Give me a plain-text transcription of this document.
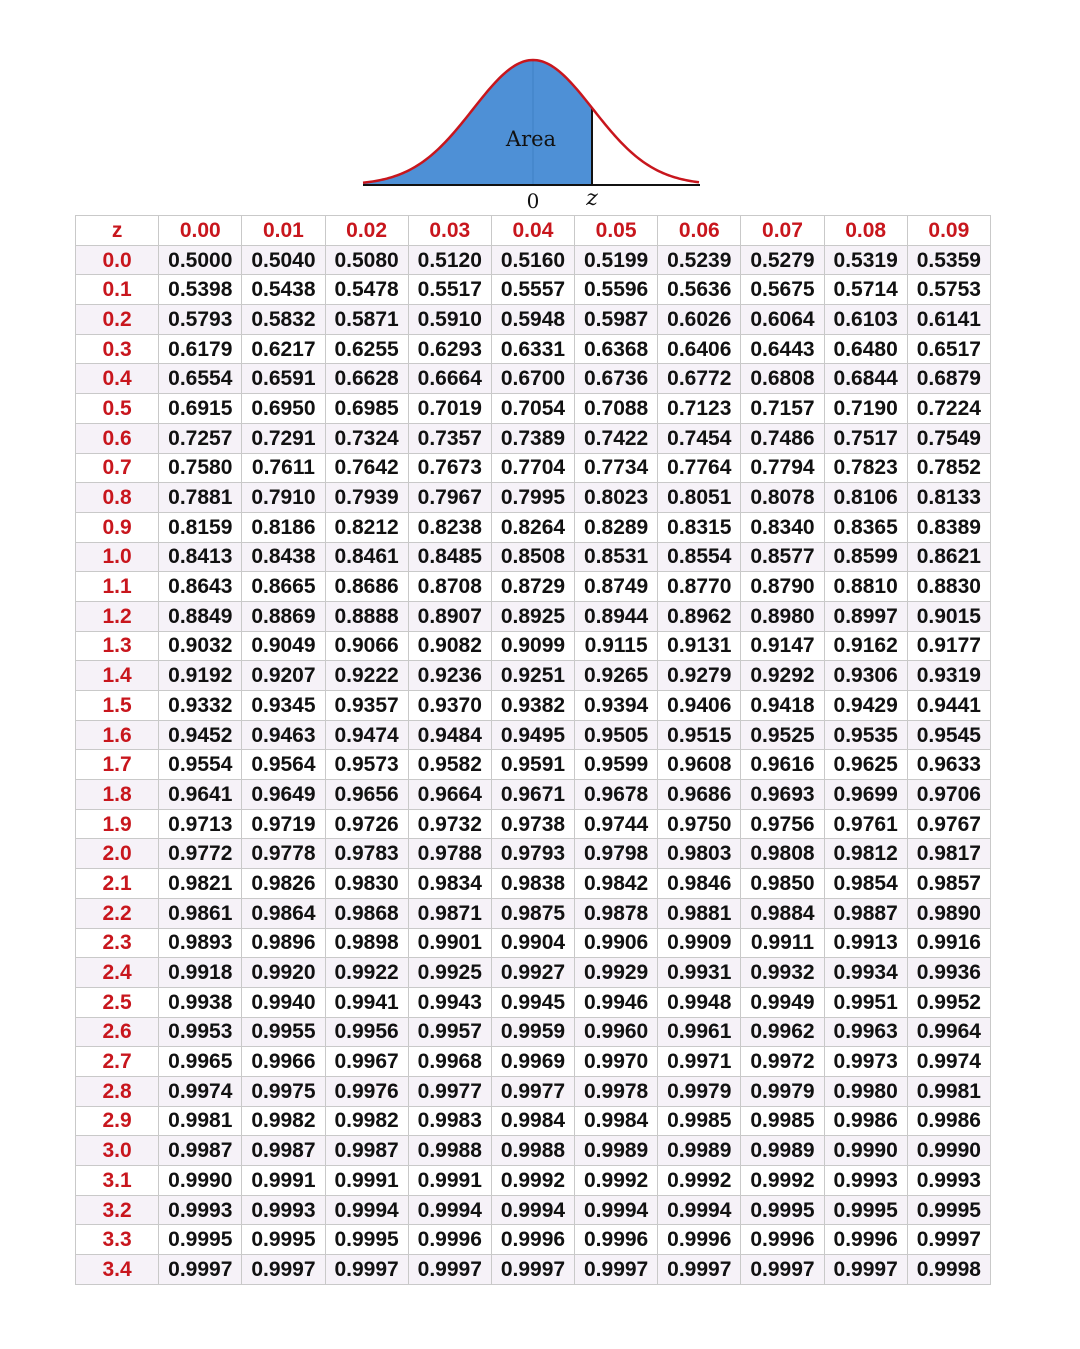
Area
0 z
z	0.00	0.01	0.02	0.03	0.04	0.05	0.06	0.07	0.08	0.09
0.0	0.5000	0.5040	0.5080	0.5120	0.5160	0.5199	0.5239	0.5279	0.5319	0.5359
0.1	0.5398	0.5438	0.5478	0.5517	0.5557	0.5596	0.5636	0.5675	0.5714	0.5753
0.2	0.5793	0.5832	0.5871	0.5910	0.5948	0.5987	0.6026	0.6064	0.6103	0.6141
0.3	0.6179	0.6217	0.6255	0.6293	0.6331	0.6368	0.6406	0.6443	0.6480	0.6517
0.4	0.6554	0.6591	0.6628	0.6664	0.6700	0.6736	0.6772	0.6808	0.6844	0.6879
0.5	0.6915	0.6950	0.6985	0.7019	0.7054	0.7088	0.7123	0.7157	0.7190	0.7224
0.6	0.7257	0.7291	0.7324	0.7357	0.7389	0.7422	0.7454	0.7486	0.7517	0.7549
0.7	0.7580	0.7611	0.7642	0.7673	0.7704	0.7734	0.7764	0.7794	0.7823	0.7852
0.8	0.7881	0.7910	0.7939	0.7967	0.7995	0.8023	0.8051	0.8078	0.8106	0.8133
0.9	0.8159	0.8186	0.8212	0.8238	0.8264	0.8289	0.8315	0.8340	0.8365	0.8389
1.0	0.8413	0.8438	0.8461	0.8485	0.8508	0.8531	0.8554	0.8577	0.8599	0.8621
1.1	0.8643	0.8665	0.8686	0.8708	0.8729	0.8749	0.8770	0.8790	0.8810	0.8830
1.2	0.8849	0.8869	0.8888	0.8907	0.8925	0.8944	0.8962	0.8980	0.8997	0.9015
1.3	0.9032	0.9049	0.9066	0.9082	0.9099	0.9115	0.9131	0.9147	0.9162	0.9177
1.4	0.9192	0.9207	0.9222	0.9236	0.9251	0.9265	0.9279	0.9292	0.9306	0.9319
1.5	0.9332	0.9345	0.9357	0.9370	0.9382	0.9394	0.9406	0.9418	0.9429	0.9441
1.6	0.9452	0.9463	0.9474	0.9484	0.9495	0.9505	0.9515	0.9525	0.9535	0.9545
1.7	0.9554	0.9564	0.9573	0.9582	0.9591	0.9599	0.9608	0.9616	0.9625	0.9633
1.8	0.9641	0.9649	0.9656	0.9664	0.9671	0.9678	0.9686	0.9693	0.9699	0.9706
1.9	0.9713	0.9719	0.9726	0.9732	0.9738	0.9744	0.9750	0.9756	0.9761	0.9767
2.0	0.9772	0.9778	0.9783	0.9788	0.9793	0.9798	0.9803	0.9808	0.9812	0.9817
2.1	0.9821	0.9826	0.9830	0.9834	0.9838	0.9842	0.9846	0.9850	0.9854	0.9857
2.2	0.9861	0.9864	0.9868	0.9871	0.9875	0.9878	0.9881	0.9884	0.9887	0.9890
2.3	0.9893	0.9896	0.9898	0.9901	0.9904	0.9906	0.9909	0.9911	0.9913	0.9916
2.4	0.9918	0.9920	0.9922	0.9925	0.9927	0.9929	0.9931	0.9932	0.9934	0.9936
2.5	0.9938	0.9940	0.9941	0.9943	0.9945	0.9946	0.9948	0.9949	0.9951	0.9952
2.6	0.9953	0.9955	0.9956	0.9957	0.9959	0.9960	0.9961	0.9962	0.9963	0.9964
2.7	0.9965	0.9966	0.9967	0.9968	0.9969	0.9970	0.9971	0.9972	0.9973	0.9974
2.8	0.9974	0.9975	0.9976	0.9977	0.9977	0.9978	0.9979	0.9979	0.9980	0.9981
2.9	0.9981	0.9982	0.9982	0.9983	0.9984	0.9984	0.9985	0.9985	0.9986	0.9986
3.0	0.9987	0.9987	0.9987	0.9988	0.9988	0.9989	0.9989	0.9989	0.9990	0.9990
3.1	0.9990	0.9991	0.9991	0.9991	0.9992	0.9992	0.9992	0.9992	0.9993	0.9993
3.2	0.9993	0.9993	0.9994	0.9994	0.9994	0.9994	0.9994	0.9995	0.9995	0.9995
3.3	0.9995	0.9995	0.9995	0.9996	0.9996	0.9996	0.9996	0.9996	0.9996	0.9997
3.4	0.9997	0.9997	0.9997	0.9997	0.9997	0.9997	0.9997	0.9997	0.9997	0.9998
